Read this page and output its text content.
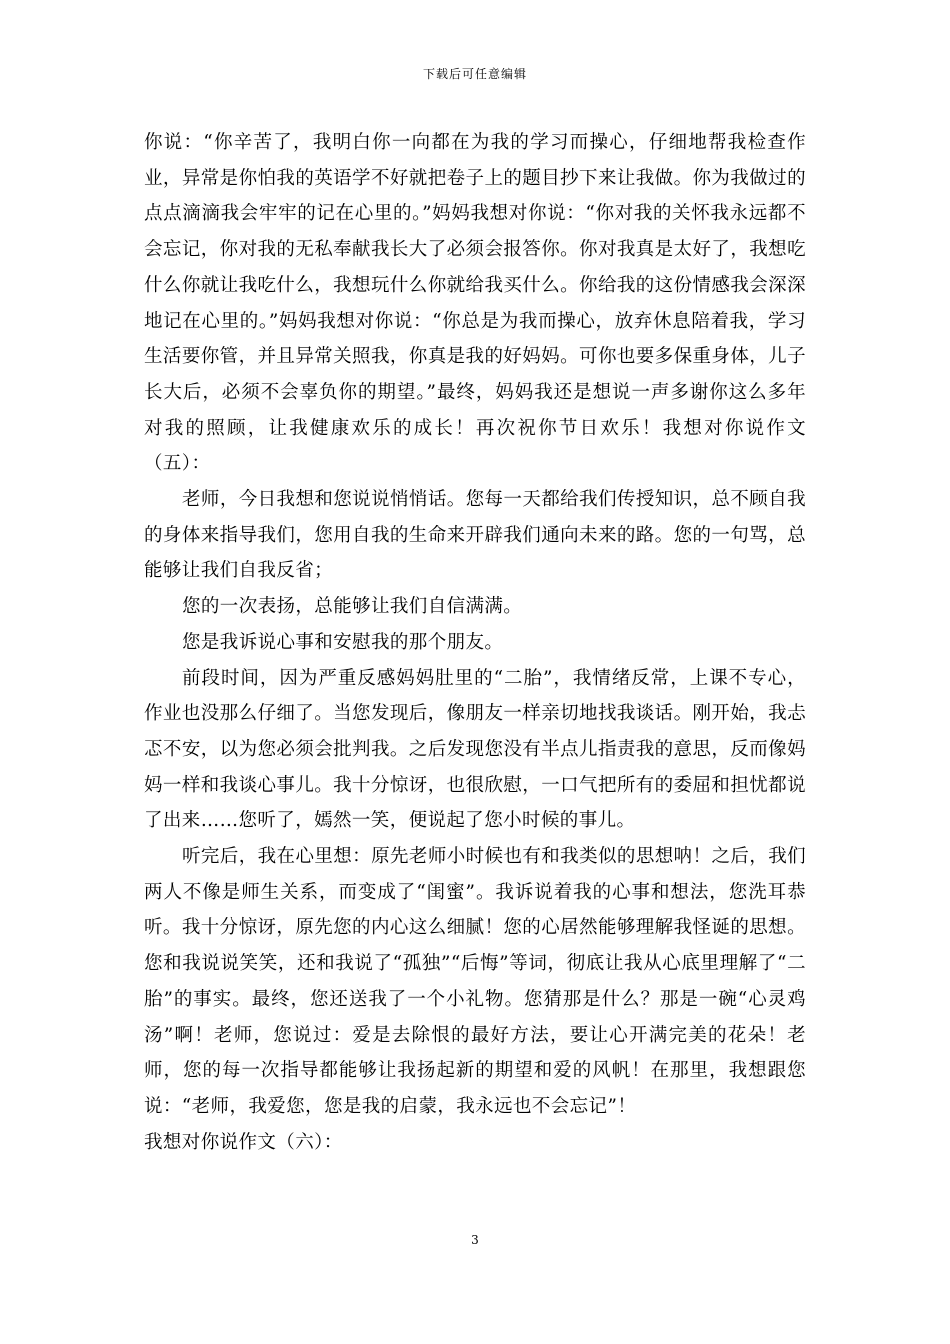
下载后可任意编辑

你说：“你辛苦了，我明白你一向都在为我的学习而操心，仔细地帮我检查作业，异常是你怕我的英语学不好就把卷子上的题目抄下来让我做。你为我做过的点点滴滴我会牢牢的记在心里的。”妈妈我想对你说：“你对我的关怀我永远都不会忘记，你对我的无私奉献我长大了必须会报答你。你对我真是太好了，我想吃什么你就让我吃什么，我想玩什么你就给我买什么。你给我的这份情感我会深深地记在心里的。”妈妈我想对你说：“你总是为我而操心，放弃休息陪着我，学习生活要你管，并且异常关照我，你真是我的好妈妈。可你也要多保重身体，儿子长大后，必须不会辜负你的期望。”最终，妈妈我还是想说一声多谢你这么多年对我的照顾，让我健康欢乐的成长！再次祝你节日欢乐！我想对你说作文（五）：

老师，今日我想和您说说悄悄话。您每一天都给我们传授知识，总不顾自我的身体来指导我们，您用自我的生命来开辟我们通向未来的路。您的一句骂，总能够让我们自我反省；

您的一次表扬，总能够让我们自信满满。

您是我诉说心事和安慰我的那个朋友。

前段时间，因为严重反感妈妈肚里的“二胎”，我情绪反常，上课不专心，作业也没那么仔细了。当您发现后，像朋友一样亲切地找我谈话。刚开始，我忐忑不安，以为您必须会批判我。之后发现您没有半点儿指责我的意思，反而像妈妈一样和我谈心事儿。我十分惊讶，也很欣慰，一口气把所有的委屈和担忧都说了出来……您听了，嫣然一笑，便说起了您小时候的事儿。

听完后，我在心里想：原先老师小时候也有和我类似的思想呐！之后，我们两人不像是师生关系，而变成了“闺蜜”。我诉说着我的心事和想法，您洗耳恭听。我十分惊讶，原先您的内心这么细腻！您的心居然能够理解我怪诞的思想。您和我说说笑笑，还和我说了“孤独”“后悔”等词，彻底让我从心底里理解了“二胎”的事实。最终，您还送我了一个小礼物。您猜那是什么？那是一碗“心灵鸡汤”啊！老师，您说过：爱是去除恨的最好方法，要让心开满完美的花朵！老师，您的每一次指导都能够让我扬起新的期望和爱的风帆！在那里，我想跟您说：“老师，我爱您，您是我的启蒙，我永远也不会忘记”！

我想对你说作文（六）：

3
